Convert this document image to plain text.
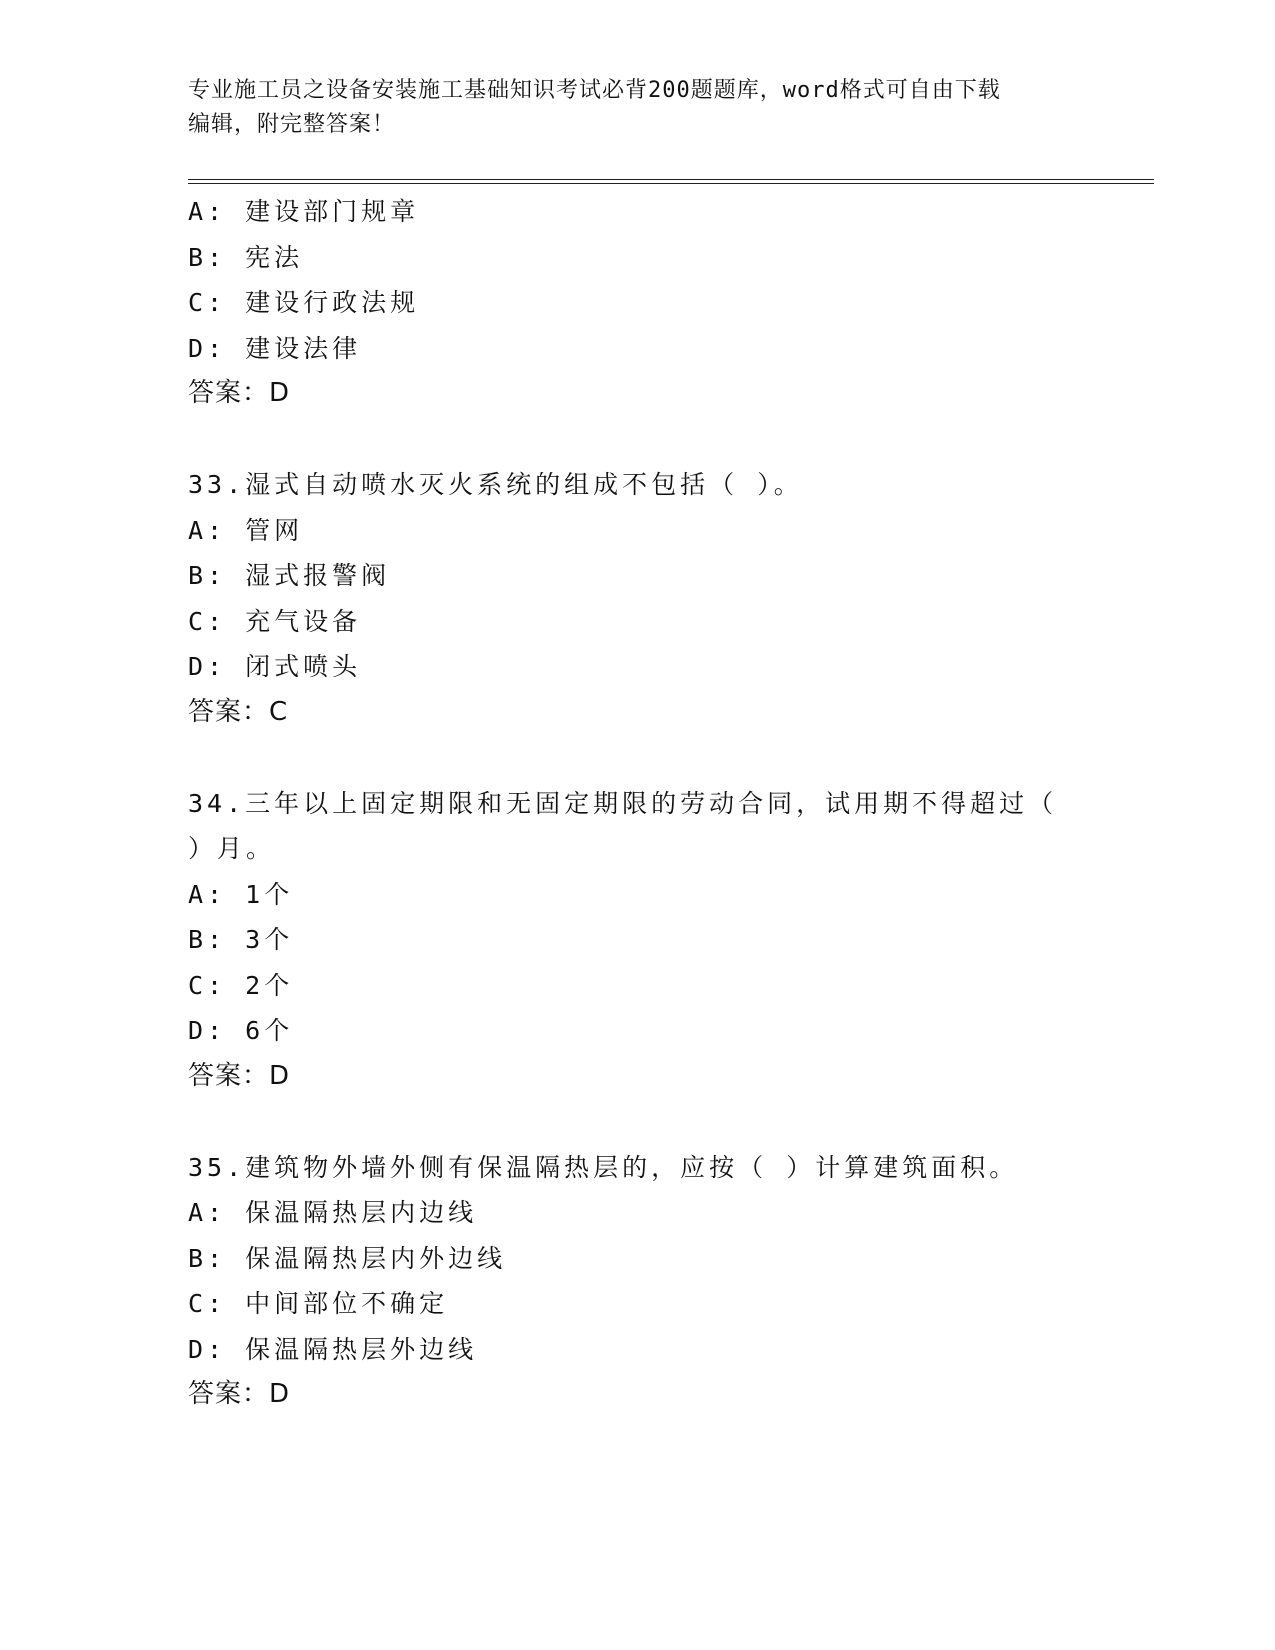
专业施工员之设备安装施工基础知识考试必背200题题库，word格式可自由下载
编辑，附完整答案！
A: 建设部门规章
B: 宪法
C: 建设行政法规
D: 建设法律
答案：D
33.湿式自动喷水灭火系统的组成不包括（ ）。
A: 管网
B: 湿式报警阀
C: 充气设备
D: 闭式喷头
答案：C
34.三年以上固定期限和无固定期限的劳动合同，试用期不得超过（
）月。
A: 1个
B: 3个
C: 2个
D: 6个
答案：D
35.建筑物外墙外侧有保温隔热层的，应按（ ）计算建筑面积。
A: 保温隔热层内边线
B: 保温隔热层内外边线
C: 中间部位不确定
D: 保温隔热层外边线
答案：D
